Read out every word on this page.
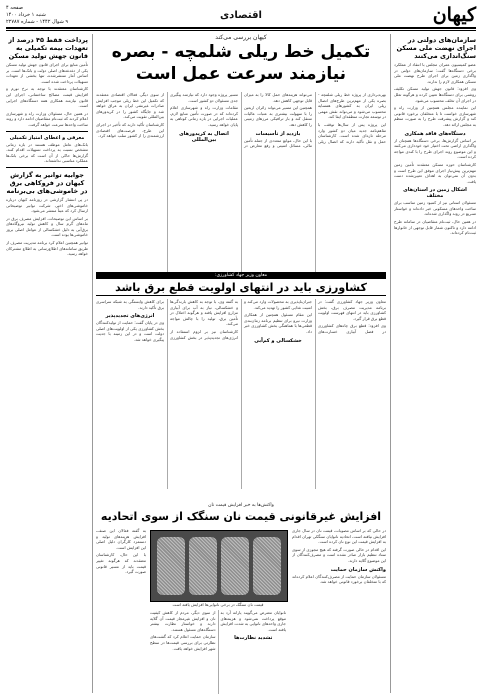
کیهان
اقتصادی
صفحه ۴
شنبه ۱ خرداد ۱۴۰۰
۹ شوال ۱۴۴۲ - شماره ۲۲۷۸۷
سازمان‌های دولتی در اجرای نهضت ملی مسکن سنگ‌اندازی می‌کنند

عضو کمیسیون عمران مجلس با انتقاد از عملکرد برخی دستگاه‌ها گفت: سازمان‌های دولتی در واگذاری زمین برای اجرای طرح نهضت ملی مسکن همکاری لازم را ندارند.

وی افزود: قانون جهش تولید مسکن تکلیف روشنی برای دستگاه‌ها تعیین کرده و هرگونه تعلل در اجرای آن تخلف محسوب می‌شود.

این نماینده مجلس همچنین از وزارت راه و شهرسازی خواست تا با متخلفان برخورد قانونی کند و گزارش پیشرفت طرح را به صورت منظم به مجلس ارائه دهد.

دستگاه‌های فاقد همکاری

بر اساس گزارش‌ها، برخی دستگاه‌ها همچنان از واگذاری اراضی تحت اختیار خود خودداری می‌کنند و این موضوع روند اجرای طرح را با کندی مواجه کرده است.

کارشناسان حوزه مسکن معتقدند تأمین زمین مهم‌ترین پیش‌نیاز اجرای موفق این طرح است و بدون آن نمی‌توان به اهداف تعیین‌شده دست یافت.

اشکال زمین در استان‌های مختلف

مسئولان استانی نیز از کمبود زمین مناسب برای ساخت واحدهای مسکونی خبر داده‌اند و خواستار تسریع در روند واگذاری شده‌اند.

در همین حال، ثبت‌نام متقاضیان در سامانه طرح ادامه دارد و تاکنون شمار قابل توجهی از خانوارها ثبت‌نام کرده‌اند.

پرداخت فقط ۴۵ درصد از تعهدات بیمه تکمیلی به قانون جهش تولید مسکن

تأمین منابع برای اجرای قانون جهش تولید مسکن یکی از دغدغه‌های اصلی دولت و بانک‌ها است. بر اساس آمار منتشرشده، تنها بخشی از تعهدات تسهیلات پرداخت شده است.

کارشناسان معتقدند با توجه به نرخ تورم و افزایش قیمت مصالح ساختمانی، اجرای این قانون نیازمند همکاری همه دستگاه‌های اجرایی است.

در همین حال، مسئولان وزارت راه و شهرسازی اعلام کردند که ثبت‌نام متقاضیان ادامه دارد و روند ساخت واحدها سرعت خواهد گرفت.

معرفی و اعطای امتیاز تکمیلی

بانک‌های عامل موظف هستند در بازه زمانی مشخص نسبت به پرداخت تسهیلات اقدام کنند. گزارش‌ها حاکی از آن است که برخی بانک‌ها عملکرد مناسبی نداشته‌اند.

جوابیه توانیر به گزارش کیهان در فروکاهی برق در خاموشی‌های بی‌برنامه

در پی انتشار گزارشی در روزنامه کیهان درباره خاموشی‌های اخیر، شرکت توانیر توضیحاتی ارسال کرد که عیناً منتشر می‌شود.

بر اساس این توضیحات، افزایش مصرف برق در ماه‌های گرم سال و کاهش تولید نیروگاه‌های برق‌آبی به دلیل خشکسالی از عوامل اصلی بروز خاموشی‌ها بوده است.

توانیر همچنین اعلام کرد برنامه مدیریت مصرف از طریق سامانه‌های اطلاع‌رسانی به اطلاع مشترکان خواهد رسید.

کیهان بررسی می‌کند
تکمیل خط ریلی شلمچه - بصره
نیازمند سرعت عمل است

بهره‌برداری از پروژه خط ریلی شلمچه - بصره یکی از مهم‌ترین طرح‌های اتصال ریلی ایران به کشورهای همسایه محسوب می‌شود و می‌تواند نقش مهمی در توسعه تجارت منطقه‌ای ایفا کند.

این پروژه پس از سال‌ها توقف، با تفاهم‌نامه جدید میان دو کشور وارد مرحله تازه‌ای شده است. کارشناسان حمل و نقل تأکید دارند که اتصال ریلی می‌تواند هزینه‌های حمل کالا را به میزان قابل توجهی کاهش دهد.

همچنین این مسیر می‌تواند زائران اربعین را با سهولت بیشتری به عتبات عالیات منتقل کند و بار ترافیکی مرزهای زمینی را کاهش دهد.

بازدید از تأسیسات

با این حال، موانع متعددی از جمله تأمین مالی، مسائل امنیتی و رفع معارض در مسیر پروژه وجود دارد که نیازمند پیگیری جدی مسئولان دو کشور است.

مقامات وزارت راه و شهرسازی اعلام کرده‌اند که در صورت تأمین منابع لازم، عملیات اجرایی در بازه زمانی کوتاهی به پایان خواهد رسید.

اتصال به کریدورهای بین‌المللی

از سوی دیگر، فعالان اقتصادی معتقدند که تکمیل این خط ریلی موجب افزایش صادرات غیرنفتی ایران به عراق خواهد شد و جایگاه کشور را در کریدورهای بین‌المللی تقویت می‌کند.

کارشناسان تأکید دارند که تأخیر در اجرای این طرح، فرصت‌های اقتصادی ارزشمندی را از کشور سلب خواهد کرد.

معاون وزیر جهاد کشاورزی:
کشاورزی باید در انتهای اولویت قطع برق باشد

معاون وزیر جهاد کشاورزی گفت: در برنامه مدیریت مصرف برق، بخش کشاورزی باید در انتهای فهرست اولویت قطع برق قرار گیرد.

وی افزود: قطع برق چاه‌های کشاورزی در فصل آبیاری خسارت‌های جبران‌ناپذیری به محصولات وارد می‌کند و امنیت غذایی کشور را تهدید می‌کند.

این مقام مسئول همچنین از همکاری وزارت نیرو برای تنظیم برنامه زمان‌بندی قطعی‌ها با هماهنگی بخش کشاورزی خبر داد.

خشکسالی و کم‌آبی

به گفته وی، با توجه به کاهش بارندگی‌ها و خشکسالی، نیاز به آب برای آبیاری مزارع افزایش یافته و هرگونه اختلال در تأمین برق، تولید را با چالش مواجه می‌کند.

کارشناسان نیز بر لزوم استفاده از انرژی‌های تجدیدپذیر در بخش کشاورزی برای کاهش وابستگی به شبکه سراسری برق تأکید دارند.

انرژی‌های تجدیدپذیر

وی در پایان گفت: حمایت از تولیدکنندگان بخش کشاورزی یکی از اولویت‌های اصلی دولت است و در این زمینه با جدیت پیگیری خواهد شد.

واکنش‌ها به خبر افزایش قیمت نان
افزایش غیرقانونی قیمت نان سنگک از سوی اتحادیه
قیمت نان سنگک در برخی نانوایی‌ها افزایش یافته است

در حالی که بر اساس مصوبات، قیمت نان در سال جاری افزایش نیافته است، اتحادیه نانوایان سنگکی تهران اقدام به افزایش قیمت این نوع نان کرده است.

این اقدام در حالی صورت گرفته که هیچ مجوزی از سوی ستاد تنظیم بازار صادر نشده است و مصرف‌کنندگان از این موضوع گلایه دارند.

واکنش سازمان حمایت

مسئولان سازمان حمایت از مصرف‌کنندگان اعلام کرده‌اند که با متخلفان برخورد قانونی خواهد شد.

به گفته فعالان این صنف، افزایش هزینه‌های تولید و دستمزد کارگران دلیل اصلی این افزایش است.

با این حال، کارشناسان معتقدند که هرگونه تغییر قیمت باید از مسیر قانونی صورت گیرد.

نانوایان معترض می‌گویند یارانه آرد به موقع پرداخت نمی‌شود و هزینه‌های جاری واحدهای نانوایی به شدت افزایش یافته است.

تشدید نظارت‌ها

از سوی دیگر، مردم از کاهش کیفیت نان و افزایش غیرمجاز قیمت آن گلایه دارند و خواستار نظارت بیشتر دستگاه‌های مسئول هستند.

سازمان حمایت اعلام کرد که گشت‌های نظارتی برای بررسی قیمت‌ها در سطح شهر افزایش خواهد یافت.
